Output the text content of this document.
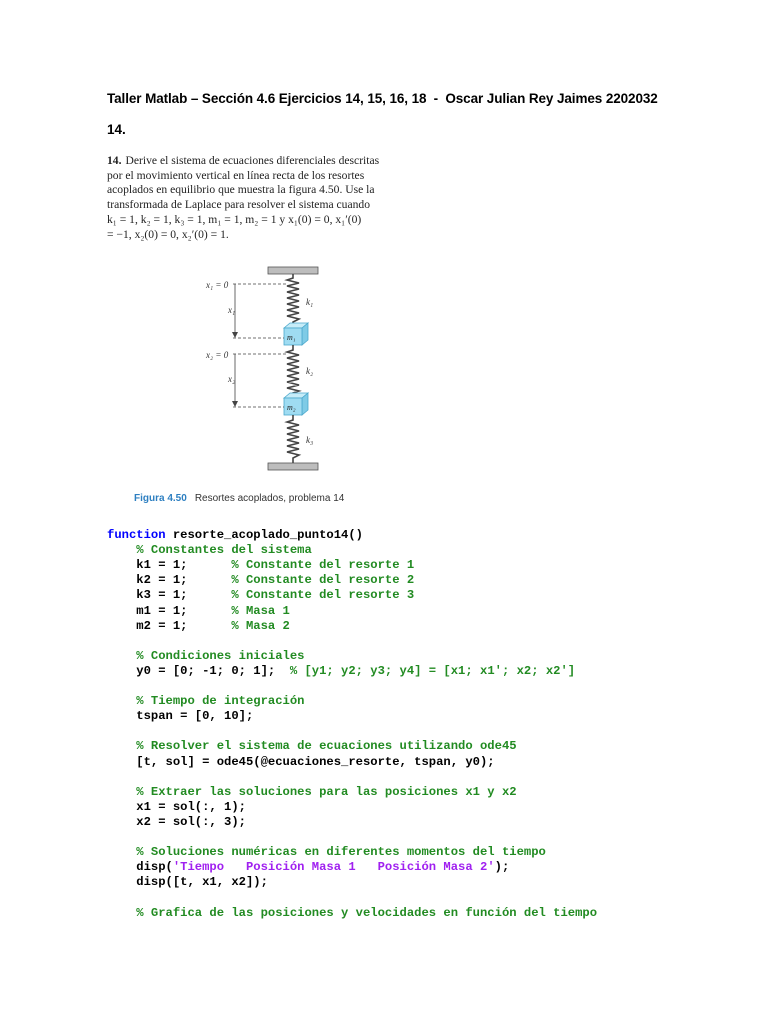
Taller Matlab – Sección 4.6 Ejercicios 14, 15, 16, 18  -  Oscar Julian Rey Jaimes 2202032
14.
14. Derive el sistema de ecuaciones diferenciales descritas
por el movimiento vertical en línea recta de los resortes
acoplados en equilibrio que muestra la figura 4.50. Use la
transformada de Laplace para resolver el sistema cuando
k₁ = 1, k₂ = 1, k₃ = 1, m₁ = 1, m₂ = 1 y x₁(0) = 0, x₁′(0)
= −1, x₂(0) = 0, x₂′(0) = 1.
x₁ = 0
x₁
x₂ = 0
x₂
k₁
k₂
k₃
m₁
m₂
Figura 4.50 Resortes acoplados, problema 14
function resorte_acoplado_punto14()
% Constantes del sistema
k1 = 1;      % Constante del resorte 1
k2 = 1;      % Constante del resorte 2
k3 = 1;      % Constante del resorte 3
m1 = 1;      % Masa 1
m2 = 1;      % Masa 2
% Condiciones iniciales
y0 = [0; -1; 0; 1];  % [y1; y2; y3; y4] = [x1; x1'; x2; x2']
% Tiempo de integración
tspan = [0, 10];
% Resolver el sistema de ecuaciones utilizando ode45
[t, sol] = ode45(@ecuaciones_resorte, tspan, y0);
% Extraer las soluciones para las posiciones x1 y x2
x1 = sol(:, 1);
x2 = sol(:, 3);
% Soluciones numéricas en diferentes momentos del tiempo
disp('Tiempo   Posición Masa 1   Posición Masa 2');
disp([t, x1, x2]);
% Grafica de las posiciones y velocidades en función del tiempo
